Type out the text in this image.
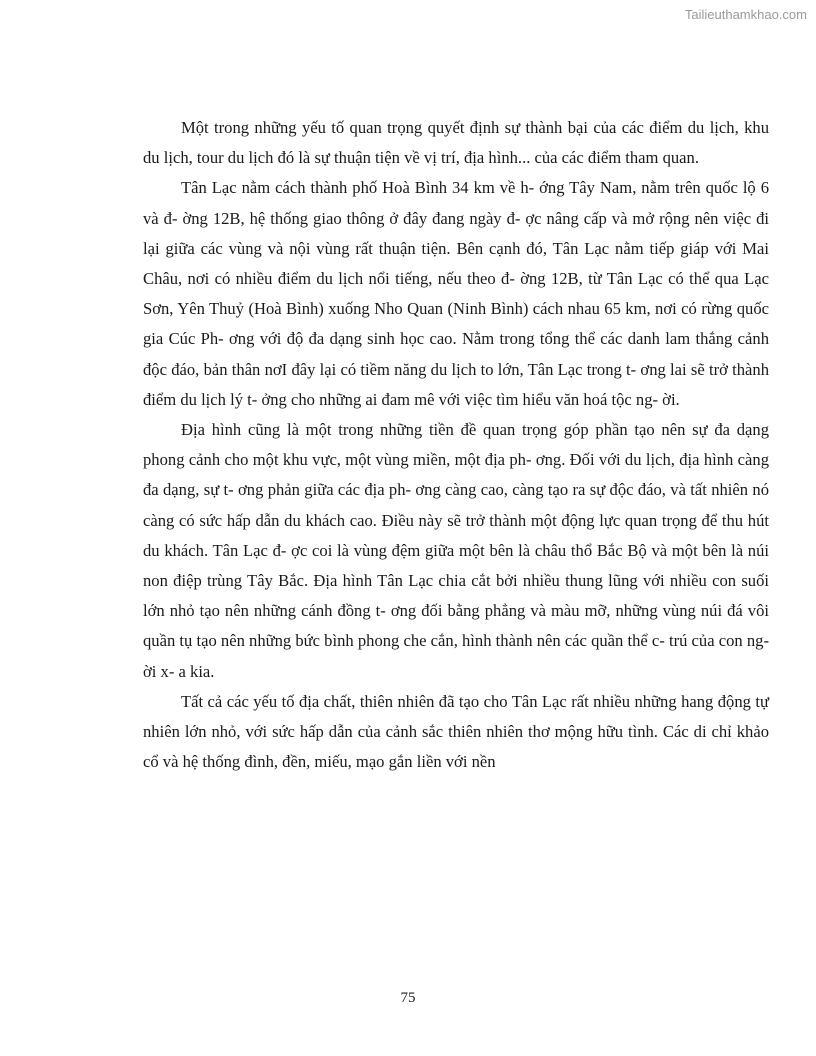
Tailieuthamkhao.com

Một trong những yếu tố quan trọng quyết định sự thành bại của các điểm du lịch, khu du lịch, tour du lịch đó là sự thuận tiện về vị trí, địa hình... của các điểm tham quan.

Tân Lạc nằm cách thành phố Hoà Bình 34 km về h- ớng Tây Nam, nằm trên quốc lộ 6 và đ- ờng 12B, hệ thống giao thông ở đây đang ngày đ- ợc nâng cấp và mở rộng nên việc đi lại giữa các vùng và nội vùng rất thuận tiện. Bên cạnh đó, Tân Lạc nằm tiếp giáp với Mai Châu, nơi có nhiều điểm du lịch nổi tiếng, nếu theo đ- ờng 12B, từ Tân Lạc có thể qua Lạc Sơn, Yên Thuỷ (Hoà Bình) xuống Nho Quan (Ninh Bình) cách nhau 65 km, nơi có rừng quốc gia Cúc Ph- ơng với độ đa dạng sinh học cao. Nằm trong tổng thể các danh lam thắng cảnh độc đáo, bản thân nơI đây lại có tiềm năng du lịch to lớn, Tân Lạc trong t- ơng lai sẽ trở thành điểm du lịch lý t- ởng cho những ai đam mê với việc tìm hiểu văn hoá tộc ng- ời.

Địa hình cũng là một trong những tiền đề quan trọng góp phần tạo nên sự đa dạng phong cảnh cho một khu vực, một vùng miền, một địa ph- ơng. Đối với du lịch, địa hình càng đa dạng, sự t- ơng phản giữa các địa ph- ơng càng cao, càng tạo ra sự độc đáo, và tất nhiên nó càng có sức hấp dẫn du khách cao. Điều này sẽ trở thành một động lực quan trọng để thu hút du khách. Tân Lạc đ- ợc coi là vùng đệm giữa một bên là châu thổ Bắc Bộ và một bên là núi non điệp trùng Tây Bắc. Địa hình Tân Lạc chia cắt bởi nhiều thung lũng với nhiều con suối lớn nhỏ tạo nên những cánh đồng t- ơng đối bằng phẳng và màu mỡ, những vùng núi đá vôi quần tụ tạo nên những bức bình phong che cắn, hình thành nên các quần thể c- trú của con ng- ời x- a kia.

Tất cả các yếu tố địa chất, thiên nhiên đã tạo cho Tân Lạc rất nhiều những hang động tự nhiên lớn nhỏ, với sức hấp dẫn của cảnh sắc thiên nhiên thơ mộng hữu tình. Các di chỉ khảo cổ và hệ thống đình, đền, miếu, mạo gắn liền với nền

75
